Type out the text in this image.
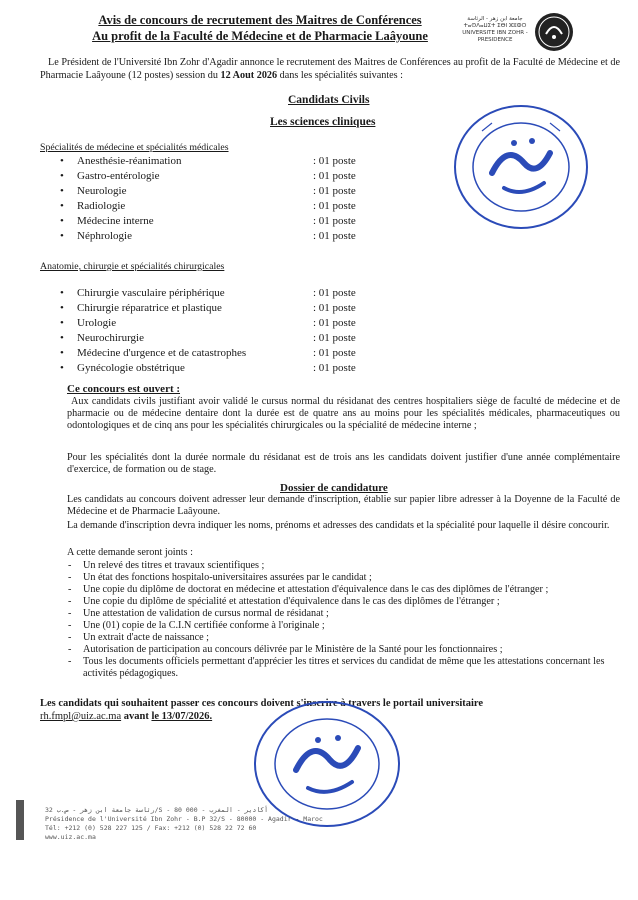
Avis de concours de recrutement des Maitres de Conférences
Au profit de la Faculté de Médecine et de Pharmacie Laâyoune
جامعة ابن زهر - الرئاسة
ⵜⴰⵙⴷⴰⵡⵉⵜ ⵉⴱⵏ ⵣⵓⵀⵔ
UNIVERSITE IBN ZOHR - PRESIDENCE
Le Président de l'Université Ibn Zohr d'Agadir annonce le recrutement des Maitres de Conférences au profit de la Faculté de Médecine et de Pharmacie Laâyoune (12 postes) session du 12 Aout 2026 dans les spécialités suivantes :
Candidats Civils
Les sciences cliniques
Spécialités de médecine et spécialités médicales
• Anesthésie-réanimation	: 01 poste
• Gastro-entérologie	: 01 poste
• Neurologie	: 01 poste
• Radiologie	: 01 poste
• Médecine interne	: 01 poste
• Néphrologie	: 01 poste
Anatomie, chirurgie et spécialités chirurgicales
• Chirurgie vasculaire périphérique	: 01 poste
• Chirurgie réparatrice et plastique	: 01 poste
• Urologie	: 01 poste
• Neurochirurgie	: 01 poste
• Médecine d'urgence et de catastrophes	: 01 poste
• Gynécologie obstétrique	: 01 poste
Ce concours est ouvert :
Aux candidats civils justifiant avoir validé le cursus normal du résidanat des centres hospitaliers siège de faculté de médecine et de pharmacie ou de médecine dentaire dont la durée est de quatre ans au moins pour les spécialités médicales, pharmaceutiques ou odontologiques et de cinq ans pour les spécialités chirurgicales ou la spécialité de médecine interne ;
Pour les spécialités dont la durée normale du résidanat est de trois ans les candidats doivent justifier d'une année complémentaire d'exercice, de formation ou de stage.
Dossier de candidature
Les candidats au concours doivent adresser leur demande d'inscription, établie sur papier libre adresser à la Doyenne de la Faculté de Médecine et de Pharmacie Laâyoune.
La demande d'inscription devra indiquer les noms, prénoms et adresses des candidats et la spécialité pour laquelle il désire concourir.
A cette demande seront joints :
- Un relevé des titres et travaux scientifiques ;
- Un état des fonctions hospitalo-universitaires assurées par le candidat ;
- Une copie du diplôme de doctorat en médecine et attestation d'équivalence dans le cas des diplômes de l'étranger ;
- Une copie du diplôme de spécialité et attestation d'équivalence dans le cas des diplômes de l'étranger ;
- Une attestation de validation de cursus normal de résidanat ;
- Une (01) copie de la C.I.N certifiée conforme à l'originale ;
- Un extrait d'acte de naissance ;
- Autorisation de participation au concours délivrée par le Ministère de la Santé pour les fonctionnaires ;
- Tous les documents officiels permettant d'apprécier les titres et services du candidat de même que les attestations concernant les activités pédagogiques.
Les candidats qui souhaitent passer ces concours doivent s'inscrire à travers le portail universitaire
rh.fmpl@uiz.ac.ma avant le 13/07/2026.
رئاسة جامعة ابن زهر - ص.ب 32/S - 80 000 - أكادير - المغرب
Présidence de l'Université Ibn Zohr - B.P 32/S - 80000 - Agadir - Maroc
Tél: +212 (0) 528 227 125 / Fax: +212 (0) 528 22 72 60
www.uiz.ac.ma
